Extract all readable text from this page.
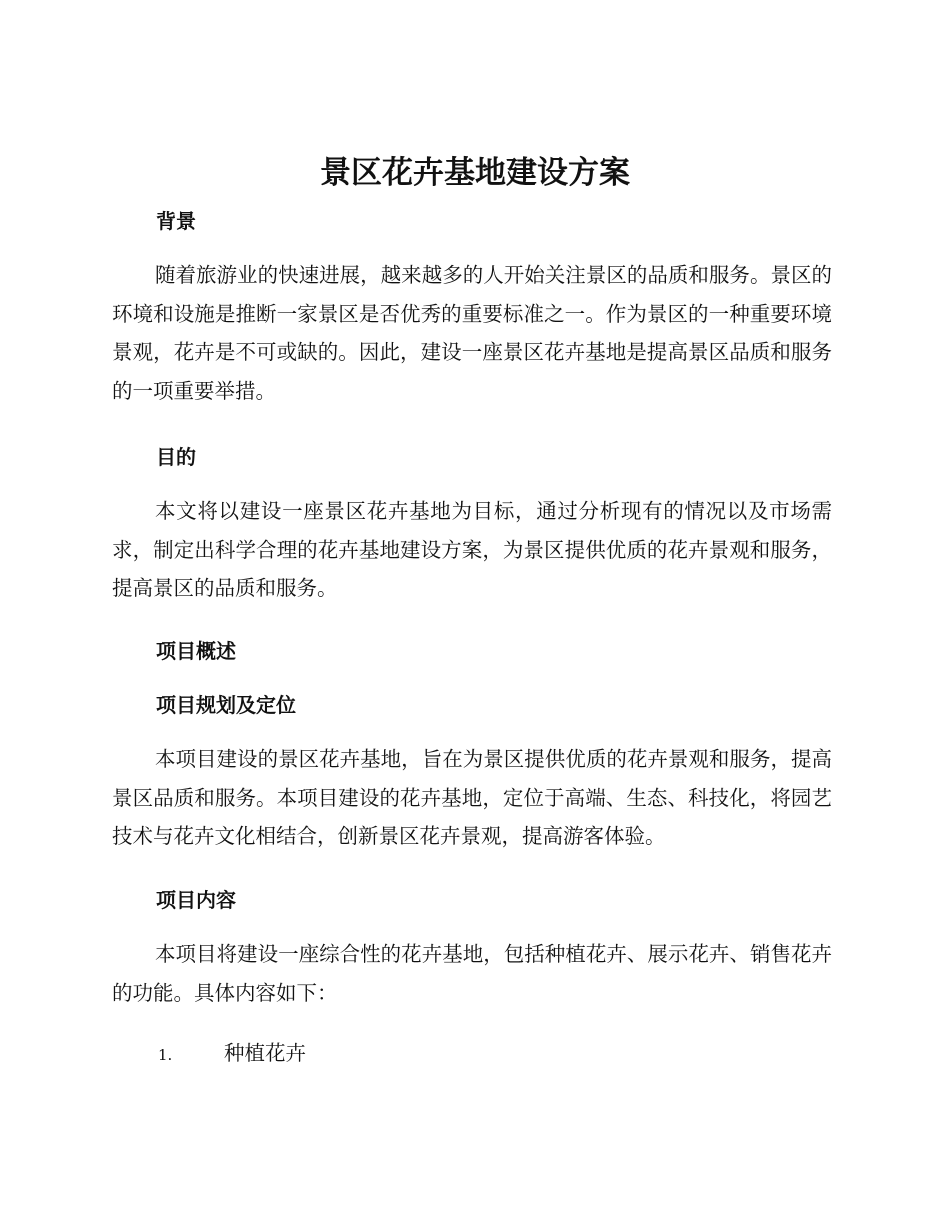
景区花卉基地建设方案
背景

随着旅游业的快速进展，越来越多的人开始关注景区的品质和服务。景区的环境和设施是推断一家景区是否优秀的重要标准之一。作为景区的一种重要环境景观，花卉是不可或缺的。因此，建设一座景区花卉基地是提高景区品质和服务的一项重要举措。

目的

本文将以建设一座景区花卉基地为目标，通过分析现有的情况以及市场需求，制定出科学合理的花卉基地建设方案，为景区提供优质的花卉景观和服务，提高景区的品质和服务。

项目概述
项目规划及定位

本项目建设的景区花卉基地，旨在为景区提供优质的花卉景观和服务，提高景区品质和服务。本项目建设的花卉基地，定位于高端、生态、科技化，将园艺技术与花卉文化相结合，创新景区花卉景观，提高游客体验。

项目内容

本项目将建设一座综合性的花卉基地，包括种植花卉、展示花卉、销售花卉的功能。具体内容如下：

1.	种植花卉
